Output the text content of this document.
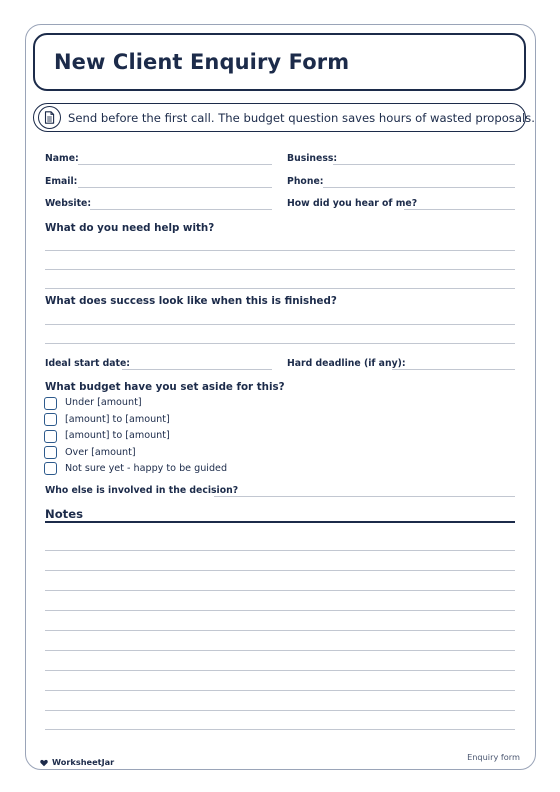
New Client Enquiry Form
Send before the first call. The budget question saves hours of wasted proposals.
Name:	Business:
Email:	Phone:
Website:	How did you hear of me?
What do you need help with?
What does success look like when this is finished?
Ideal start date:	Hard deadline (if any):
What budget have you set aside for this?
Under [amount]
[amount] to [amount]
[amount] to [amount]
Over [amount]
Not sure yet - happy to be guided
Who else is involved in the decision?
Notes
WorksheetJar	Enquiry form
